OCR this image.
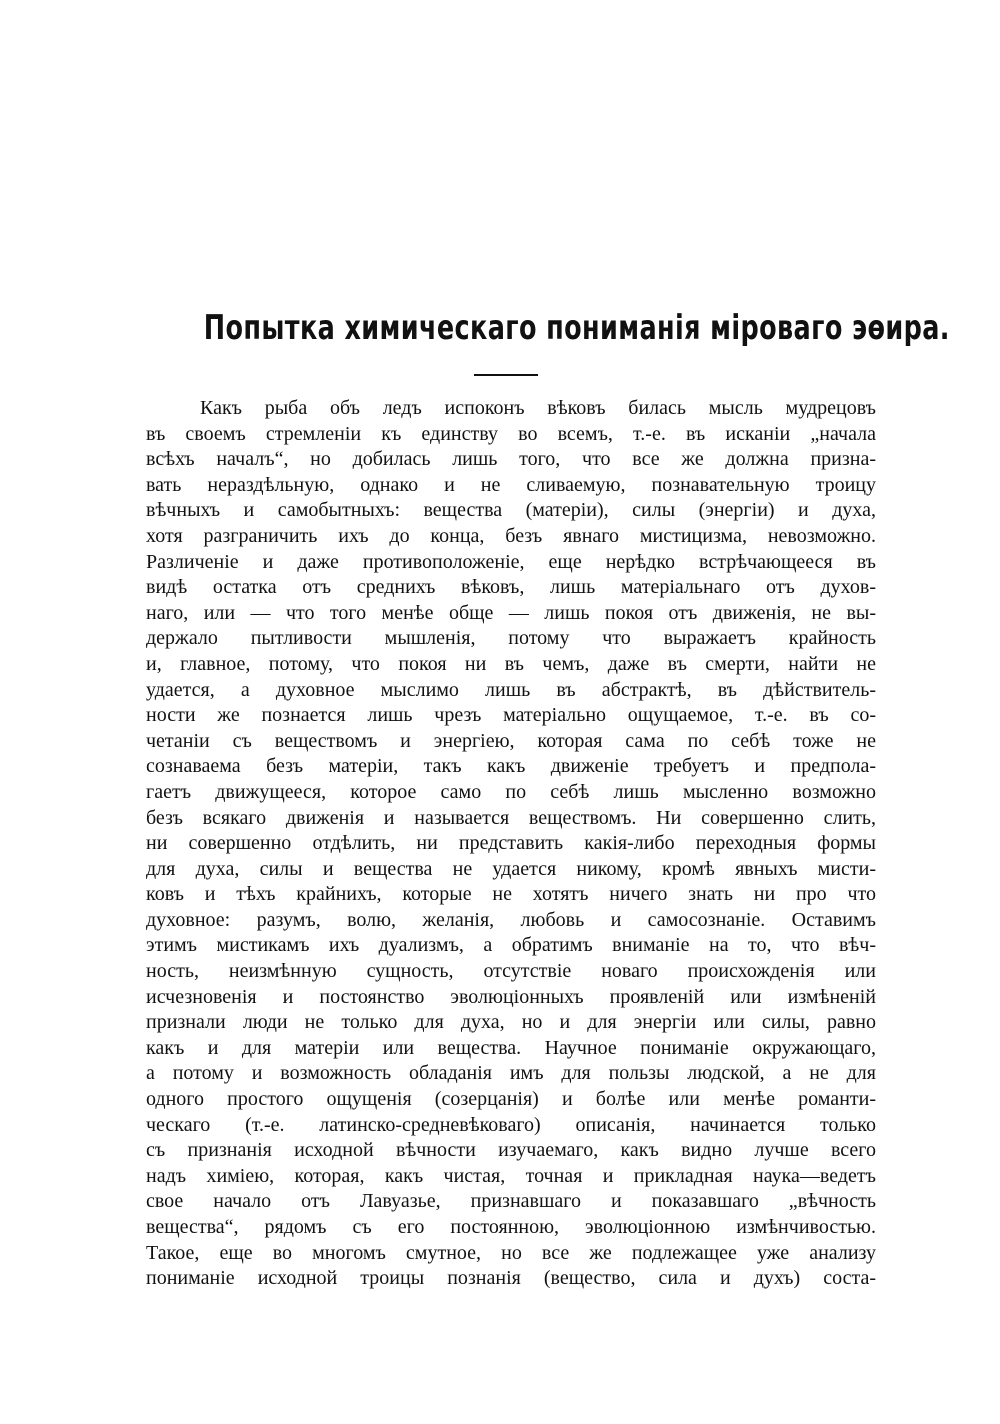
Попытка химическаго пониманія міроваго эѳира.
Какъ рыба объ ледъ испоконъ вѣковъ билась мысль мудрецовъ
въ своемъ стремленіи къ единству во всемъ, т.-е. въ исканіи „начала
всѣхъ началъ“, но добилась лишь того, что все же должна призна-
вать нераздѣльную, однако и не сливаемую, познавательную троицу
вѣчныхъ и самобытныхъ: вещества (матеріи), силы (энергіи) и духа,
хотя разграничить ихъ до конца, безъ явнаго мистицизма, невозможно.
Различеніе и даже противоположеніе, еще нерѣдко встрѣчающееся въ
видѣ остатка отъ среднихъ вѣковъ, лишь матеріальнаго отъ духов-
наго, или — что того менѣе обще — лишь покоя отъ движенія, не вы-
держало пытливости мышленія, потому что выражаетъ крайность
и, главное, потому, что покоя ни въ чемъ, даже въ смерти, найти не
удается, а духовное мыслимо лишь въ абстрактѣ, въ дѣйствитель-
ности же познается лишь чрезъ матеріально ощущаемое, т.-е. въ со-
четаніи съ веществомъ и энергіею, которая сама по себѣ тоже не
сознаваема безъ матеріи, такъ какъ движеніе требуетъ и предпола-
гаетъ движущееся, которое само по себѣ лишь мысленно возможно
безъ всякаго движенія и называется веществомъ. Ни совершенно слить,
ни совершенно отдѣлить, ни представить какія-либо переходныя формы
для духа, силы и вещества не удается никому, кромѣ явныхъ мисти-
ковъ и тѣхъ крайнихъ, которые не хотятъ ничего знать ни про что
духовное: разумъ, волю, желанія, любовь и самосознаніе. Оставимъ
этимъ мистикамъ ихъ дуализмъ, а обратимъ вниманіе на то, что вѣч-
ность, неизмѣнную сущность, отсутствіе новаго происхожденія или
исчезновенія и постоянство эволюціонныхъ проявленій или измѣненій
признали люди не только для духа, но и для энергіи или силы, равно
какъ и для матеріи или вещества. Научное пониманіе окружающаго,
а потому и возможность обладанія имъ для пользы людской, а не для
одного простого ощущенія (созерцанія) и болѣе или менѣе романти-
ческаго (т.-е. латинско-средневѣковаго) описанія, начинается только
съ признанія исходной вѣчности изучаемаго, какъ видно лучше всего
надъ химіею, которая, какъ чистая, точная и прикладная наука—ведетъ
свое начало отъ Лавуазье, признавшаго и показавшаго „вѣчность
вещества“, рядомъ съ его постоянною, эволюціонною измѣнчивостью.
Такое, еще во многомъ смутное, но все же подлежащее уже анализу
пониманіе исходной троицы познанія (вещество, сила и духъ) соста-
